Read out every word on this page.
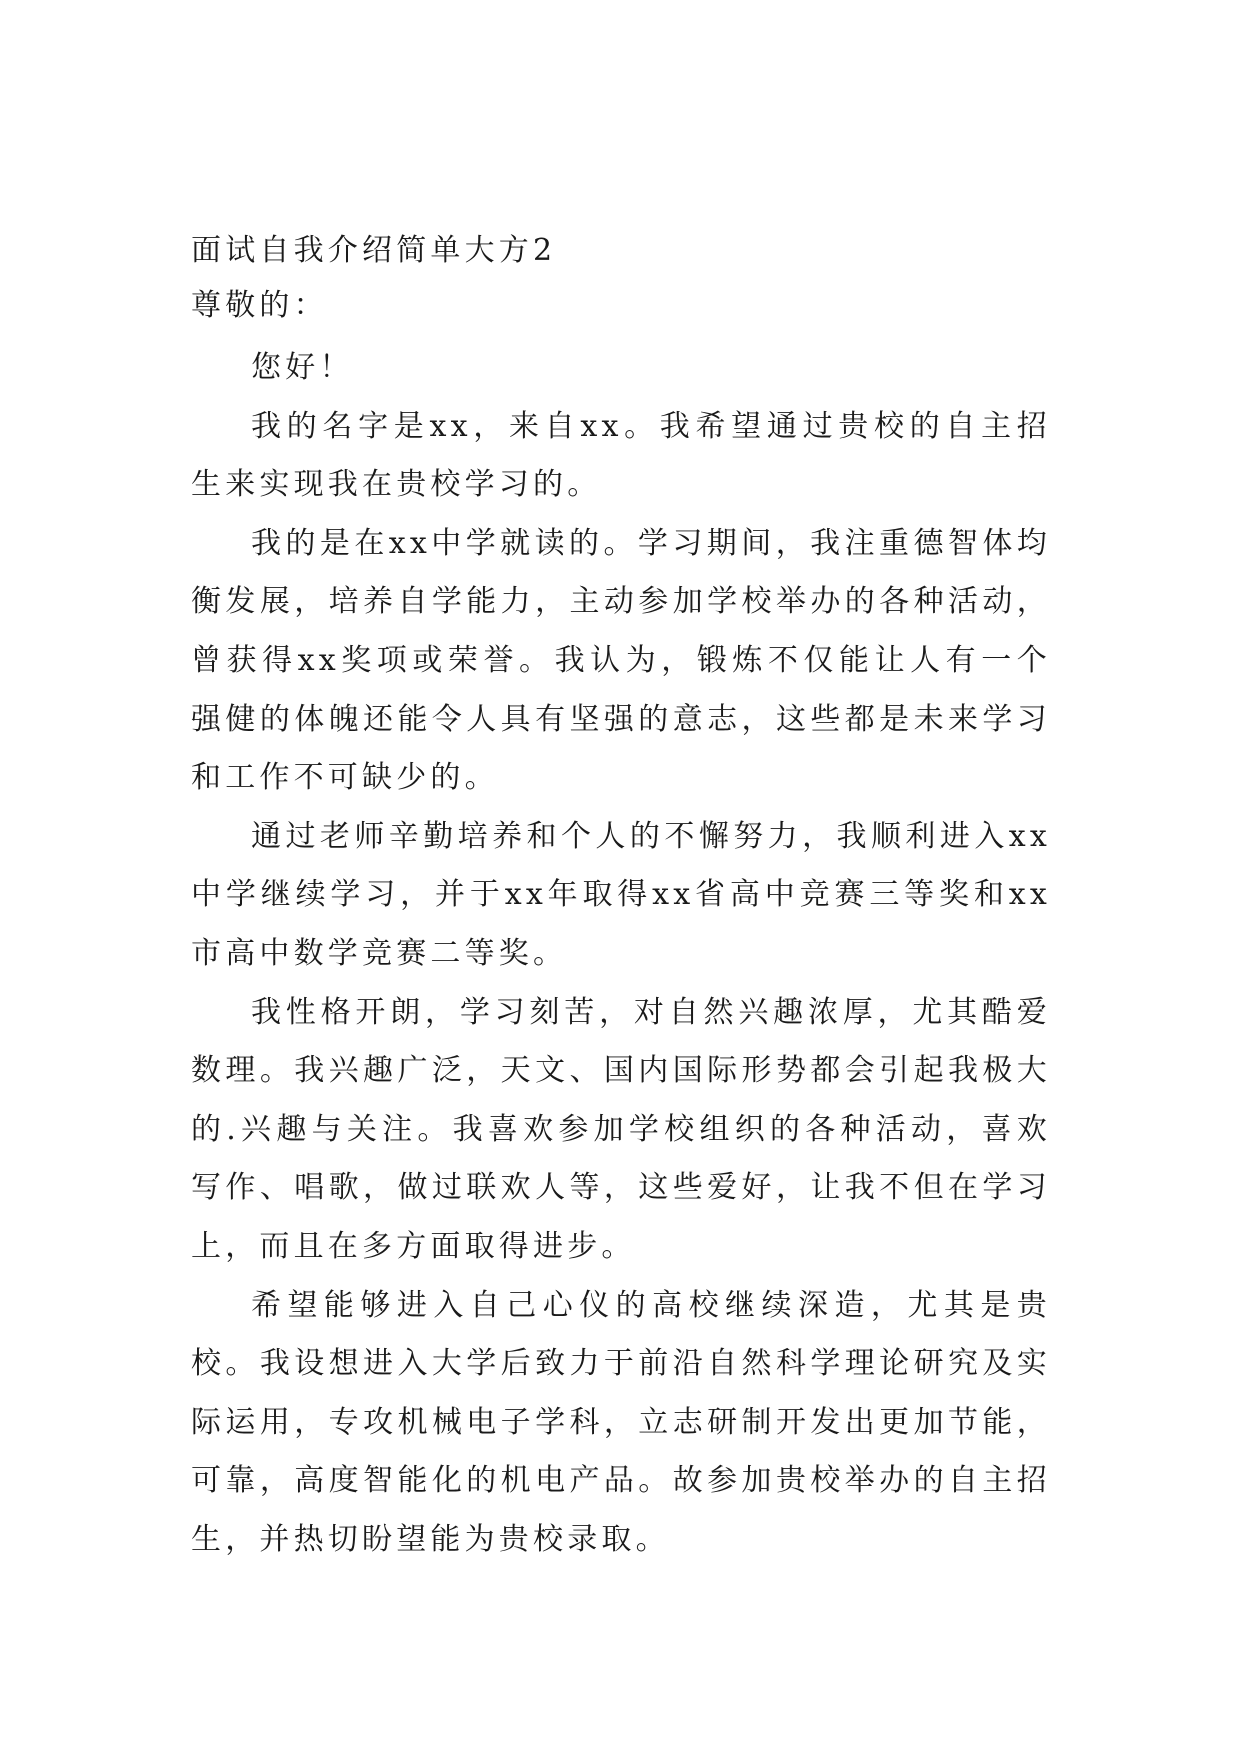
面试自我介绍简单大方2

尊敬的：

您好！

我的名字是xx，来自xx。我希望通过贵校的自主招生来实现我在贵校学习的。

我的是在xx中学就读的。学习期间，我注重德智体均衡发展，培养自学能力，主动参加学校举办的各种活动，曾获得xx奖项或荣誉。我认为，锻炼不仅能让人有一个强健的体魄还能令人具有坚强的意志，这些都是未来学习和工作不可缺少的。

通过老师辛勤培养和个人的不懈努力，我顺利进入xx中学继续学习，并于xx年取得xx省高中竞赛三等奖和xx市高中数学竞赛二等奖。

我性格开朗，学习刻苦，对自然兴趣浓厚，尤其酷爱数理。我兴趣广泛，天文、国内国际形势都会引起我极大的.兴趣与关注。我喜欢参加学校组织的各种活动，喜欢写作、唱歌，做过联欢人等，这些爱好，让我不但在学习上，而且在多方面取得进步。

希望能够进入自己心仪的高校继续深造，尤其是贵校。我设想进入大学后致力于前沿自然科学理论研究及实际运用，专攻机械电子学科，立志研制开发出更加节能，可靠，高度智能化的机电产品。故参加贵校举办的自主招生，并热切盼望能为贵校录取。
